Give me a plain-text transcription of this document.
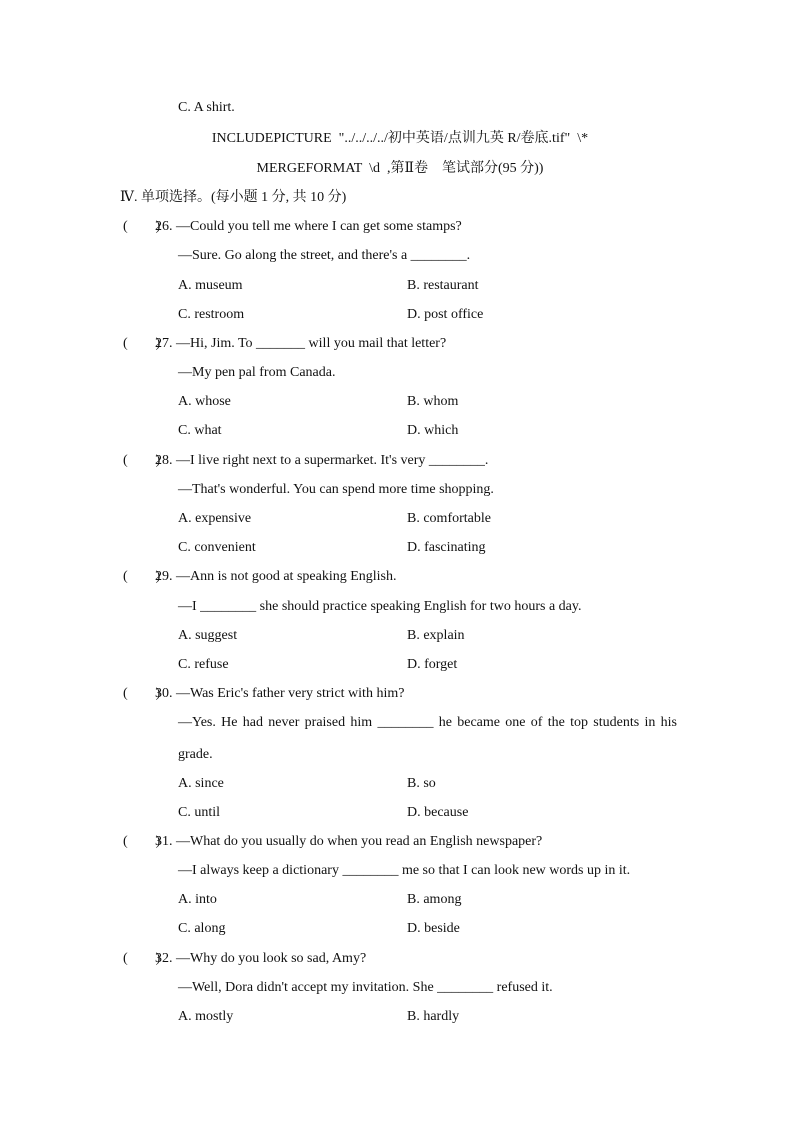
C. A shirt.
INCLUDEPICTURE  "../../../../初中英语/点训九英 R/卷底.tif"  \*
MERGEFORMAT  \d  ,第Ⅱ卷    笔试部分(95 分))
Ⅳ. 单项选择。(每小题 1 分, 共 10 分)
(        )
26. —Could you tell me where I can get some stamps?
—Sure. Go along the street, and there's a ________.
A. museum	B. restaurant
C. restroom	D. post office
(        )
27. —Hi, Jim. To _______ will you mail that letter?
—My pen pal from Canada.
A. whose	B. whom
C. what	D. which
(        )
28. —I live right next to a supermarket. It's very ________.
—That's wonderful. You can spend more time shopping.
A. expensive	B. comfortable
C. convenient	D. fascinating
(        )
29. —Ann is not good at speaking English.
—I ________ she should practice speaking English for two hours a day.
A. suggest	B. explain
C. refuse	D. forget
(        )
30. —Was Eric's father very strict with him?
—Yes. He had never praised him ________ he became one of the top students in his
grade.
A. since	B. so
C. until	D. because
(        )
31. —What do you usually do when you read an English newspaper?
—I always keep a dictionary ________ me so that I can look new words up in it.
A. into	B. among
C. along	D. beside
(        )
32. —Why do you look so sad, Amy?
—Well, Dora didn't accept my invitation. She ________ refused it.
A. mostly	B. hardly
